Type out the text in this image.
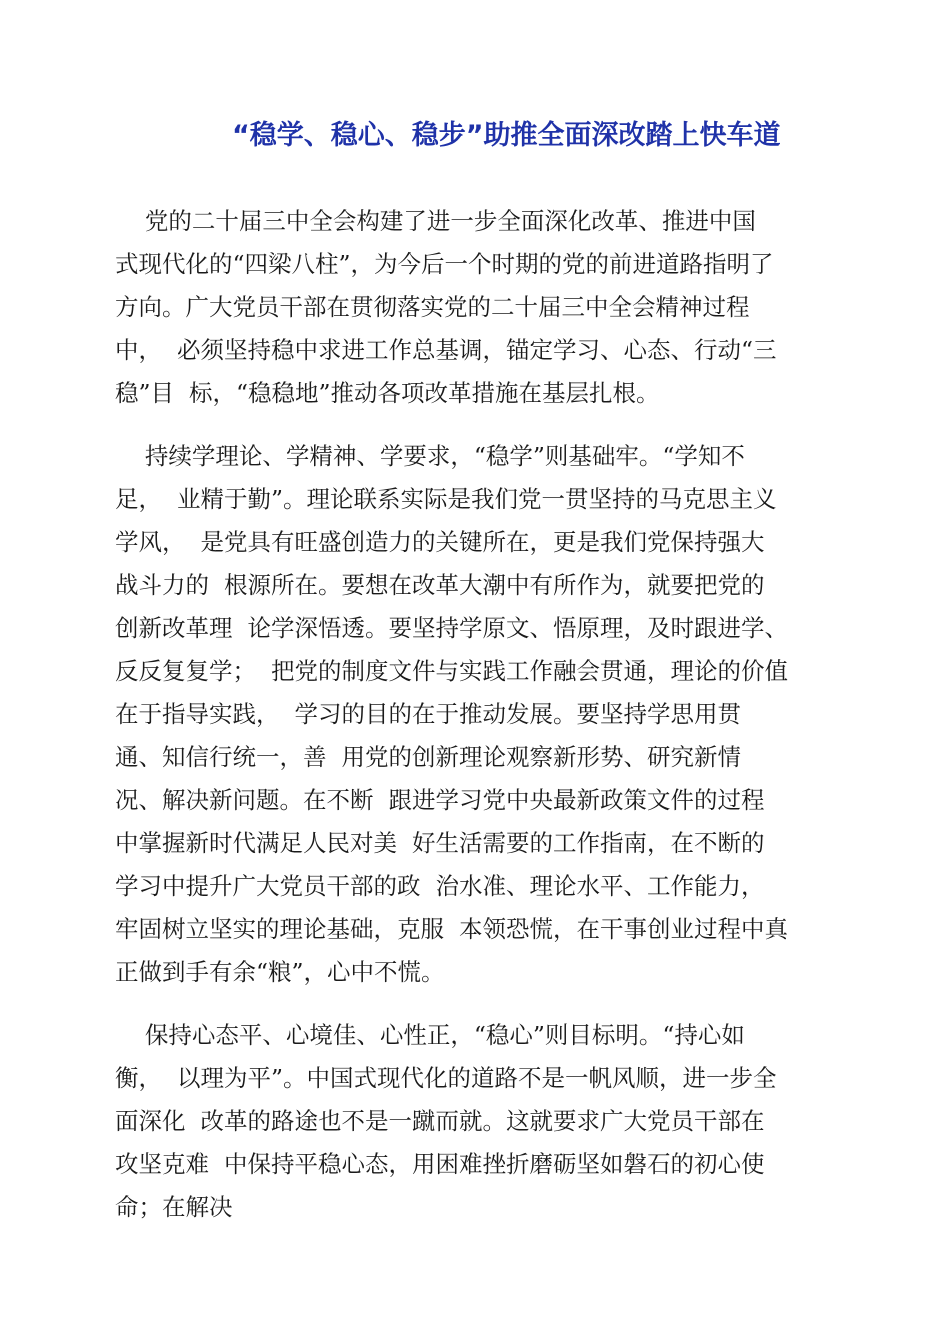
“稳学、稳心、稳步”助推全面深改踏上快车道
党的二十届三中全会构建了进一步全面深化改革、推进中国
式现代化的“四梁八柱”，为今后一个时期的党的前进道路指明了
方向。广大党员干部在贯彻落实党的二十届三中全会精神过程
中，  必须坚持稳中求进工作总基调，锚定学习、心态、行动“三
稳”目  标，“稳稳地”推动各项改革措施在基层扎根。
持续学理论、学精神、学要求，“稳学”则基础牢。“学知不
足，  业精于勤”。理论联系实际是我们党一贯坚持的马克思主义
学风，  是党具有旺盛创造力的关键所在，更是我们党保持强大
战斗力的  根源所在。要想在改革大潮中有所作为，就要把党的
创新改革理  论学深悟透。要坚持学原文、悟原理，及时跟进学、
反反复复学；  把党的制度文件与实践工作融会贯通，理论的价值
在于指导实践，  学习的目的在于推动发展。要坚持学思用贯
通、知信行统一，善  用党的创新理论观察新形势、研究新情
况、解决新问题。在不断  跟进学习党中央最新政策文件的过程
中掌握新时代满足人民对美  好生活需要的工作指南，在不断的
学习中提升广大党员干部的政  治水准、理论水平、工作能力，
牢固树立坚实的理论基础，克服  本领恐慌，在干事创业过程中真
正做到手有余“粮”，心中不慌。
保持心态平、心境佳、心性正，“稳心”则目标明。“持心如
衡，  以理为平”。中国式现代化的道路不是一帆风顺，进一步全
面深化  改革的路途也不是一蹴而就。这就要求广大党员干部在
攻坚克难  中保持平稳心态，用困难挫折磨砺坚如磐石的初心使
命；在解决
